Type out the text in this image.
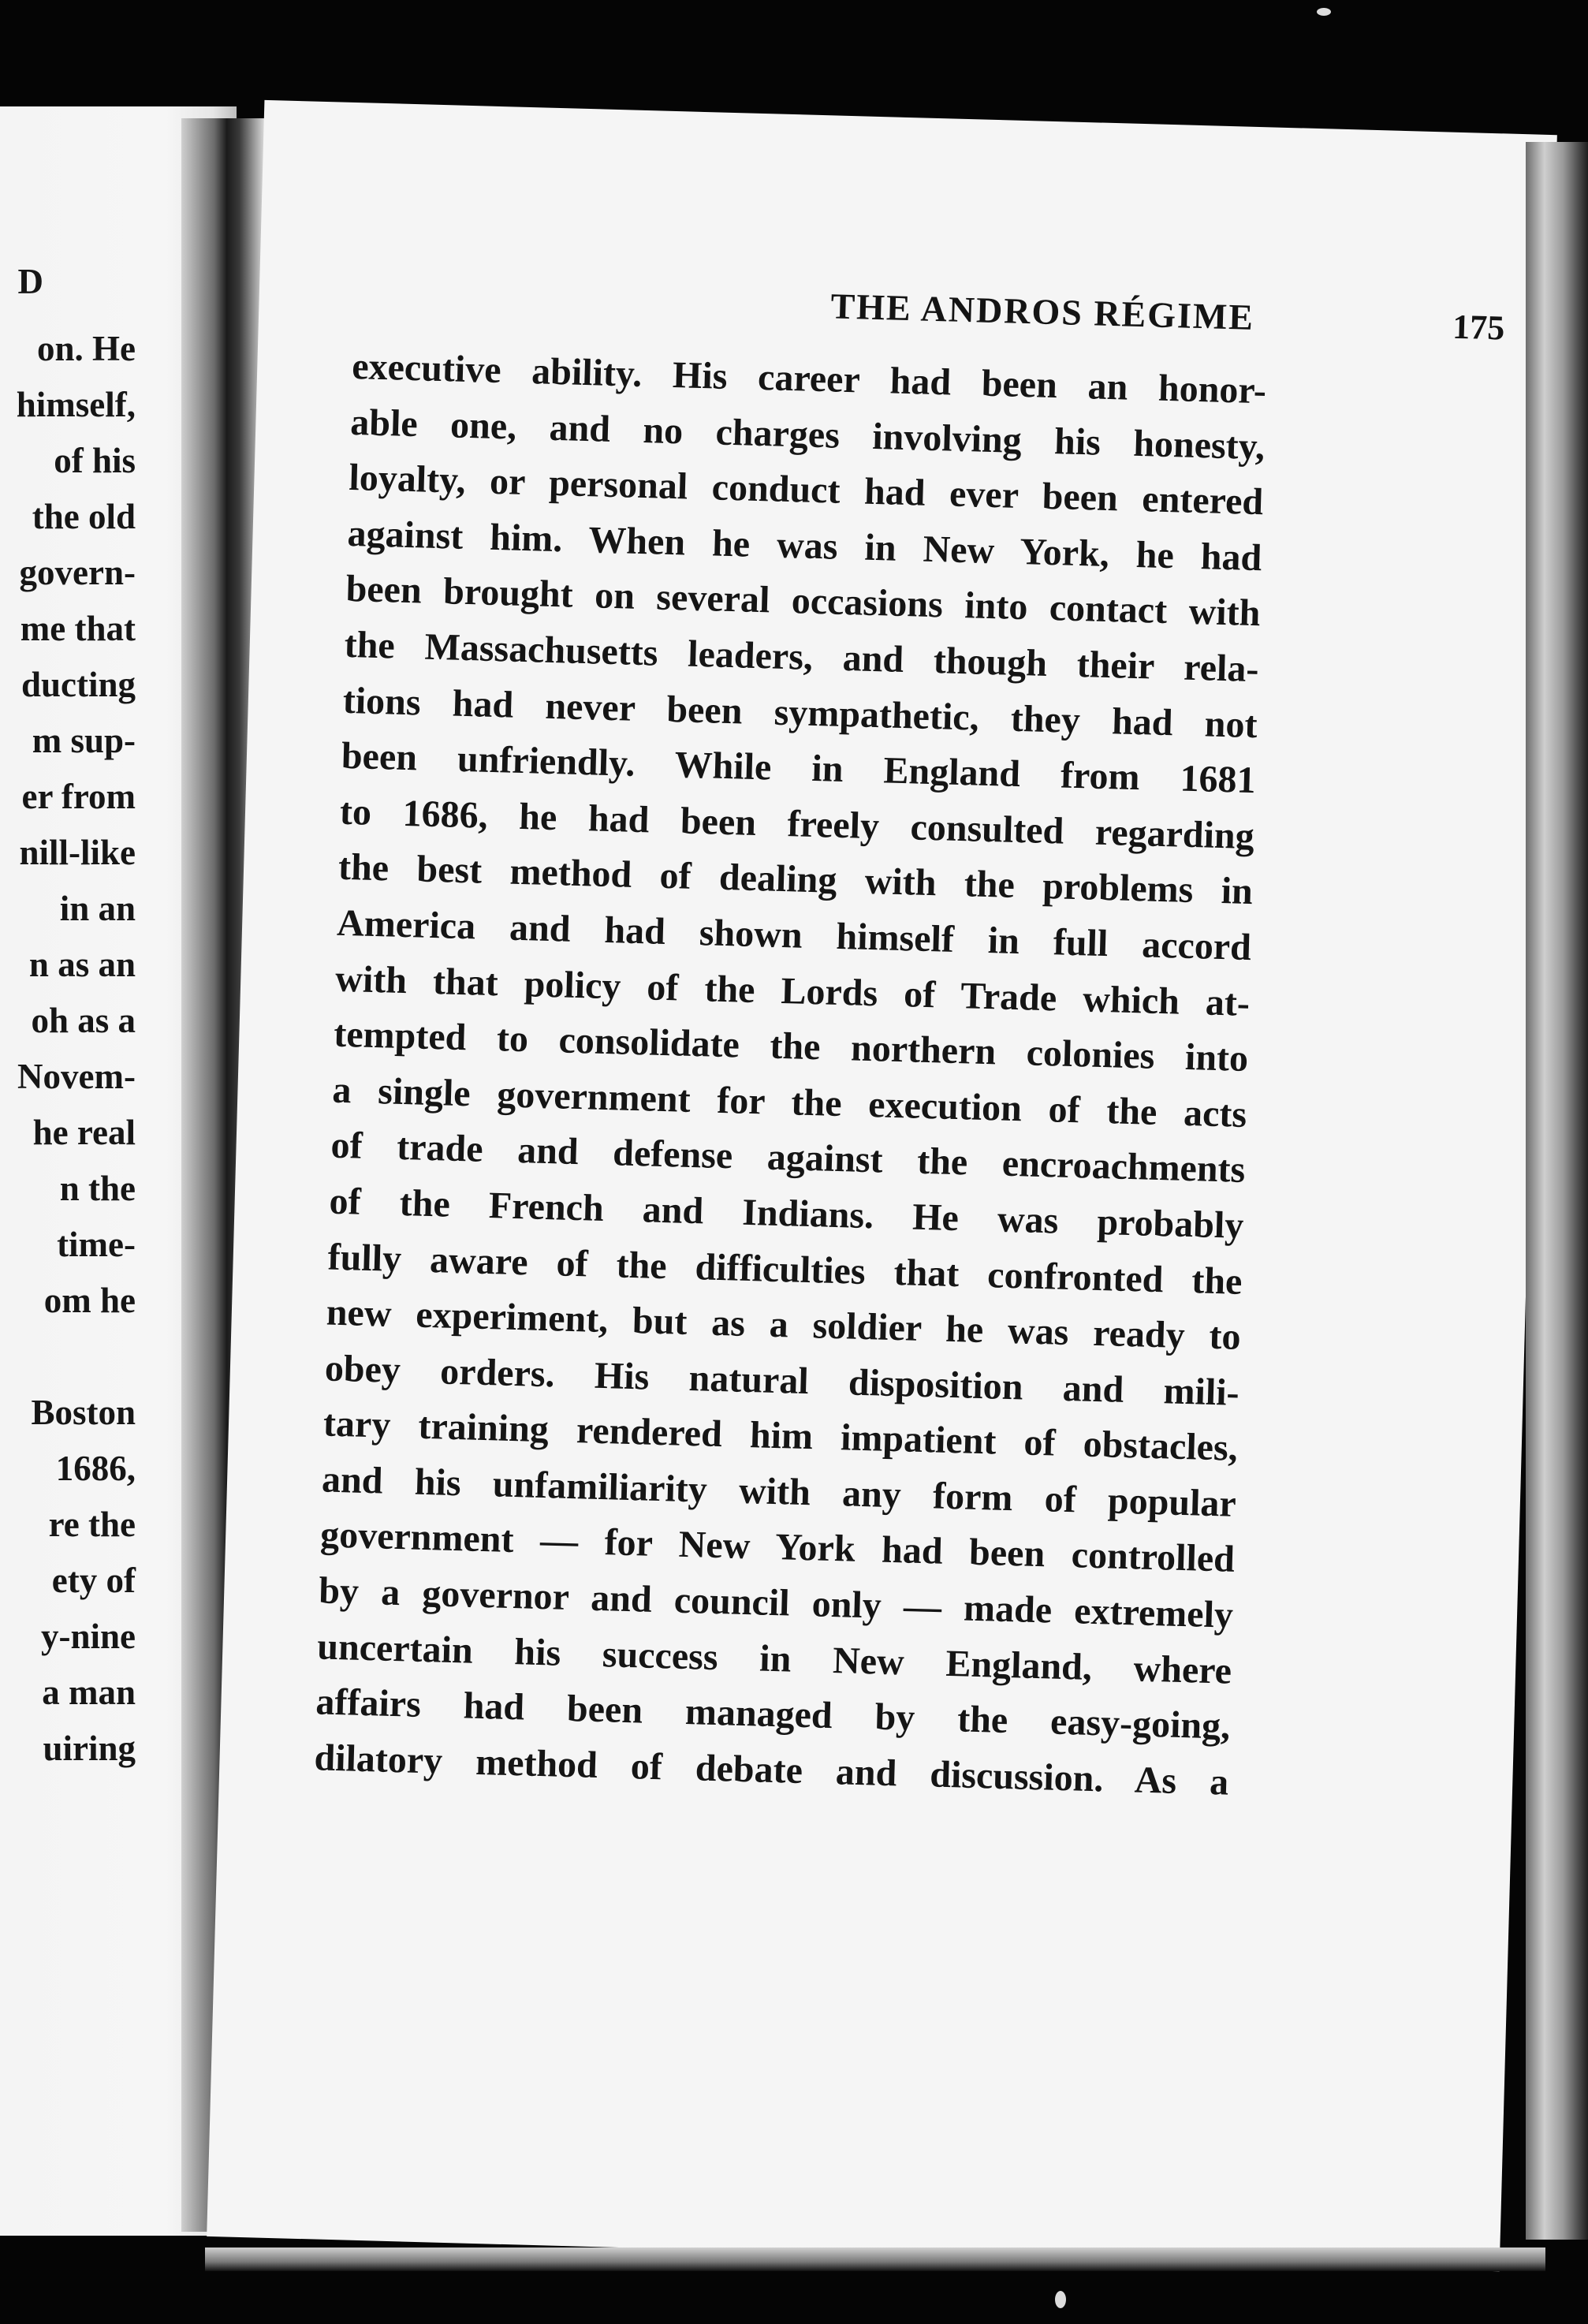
D
on. He
himself,
of his
the old
govern-
me that
ducting
m sup-
er from
nill-like
in an
n as an
oh as a
Novem-
he real
n the
time-
om he
Boston
1686,
re the
ety of
y-nine
a man
uiring
THE ANDROS RÉGIME	175
executive ability. His career had been an honor-
able one, and no charges involving his honesty,
loyalty, or personal conduct had ever been entered
against him. When he was in New York, he had
been brought on several occasions into contact with
the Massachusetts leaders, and though their rela-
tions had never been sympathetic, they had not
been unfriendly. While in England from 1681
to 1686, he had been freely consulted regarding
the best method of dealing with the problems in
America and had shown himself in full accord
with that policy of the Lords of Trade which at-
tempted to consolidate the northern colonies into
a single government for the execution of the acts
of trade and defense against the encroachments
of the French and Indians. He was probably
fully aware of the difficulties that confronted the
new experiment, but as a soldier he was ready to
obey orders. His natural disposition and mili-
tary training rendered him impatient of obstacles,
and his unfamiliarity with any form of popular
government — for New York had been controlled
by a governor and council only — made extremely
uncertain his success in New England, where
affairs had been managed by the easy-going,
dilatory method of debate and discussion. As a
